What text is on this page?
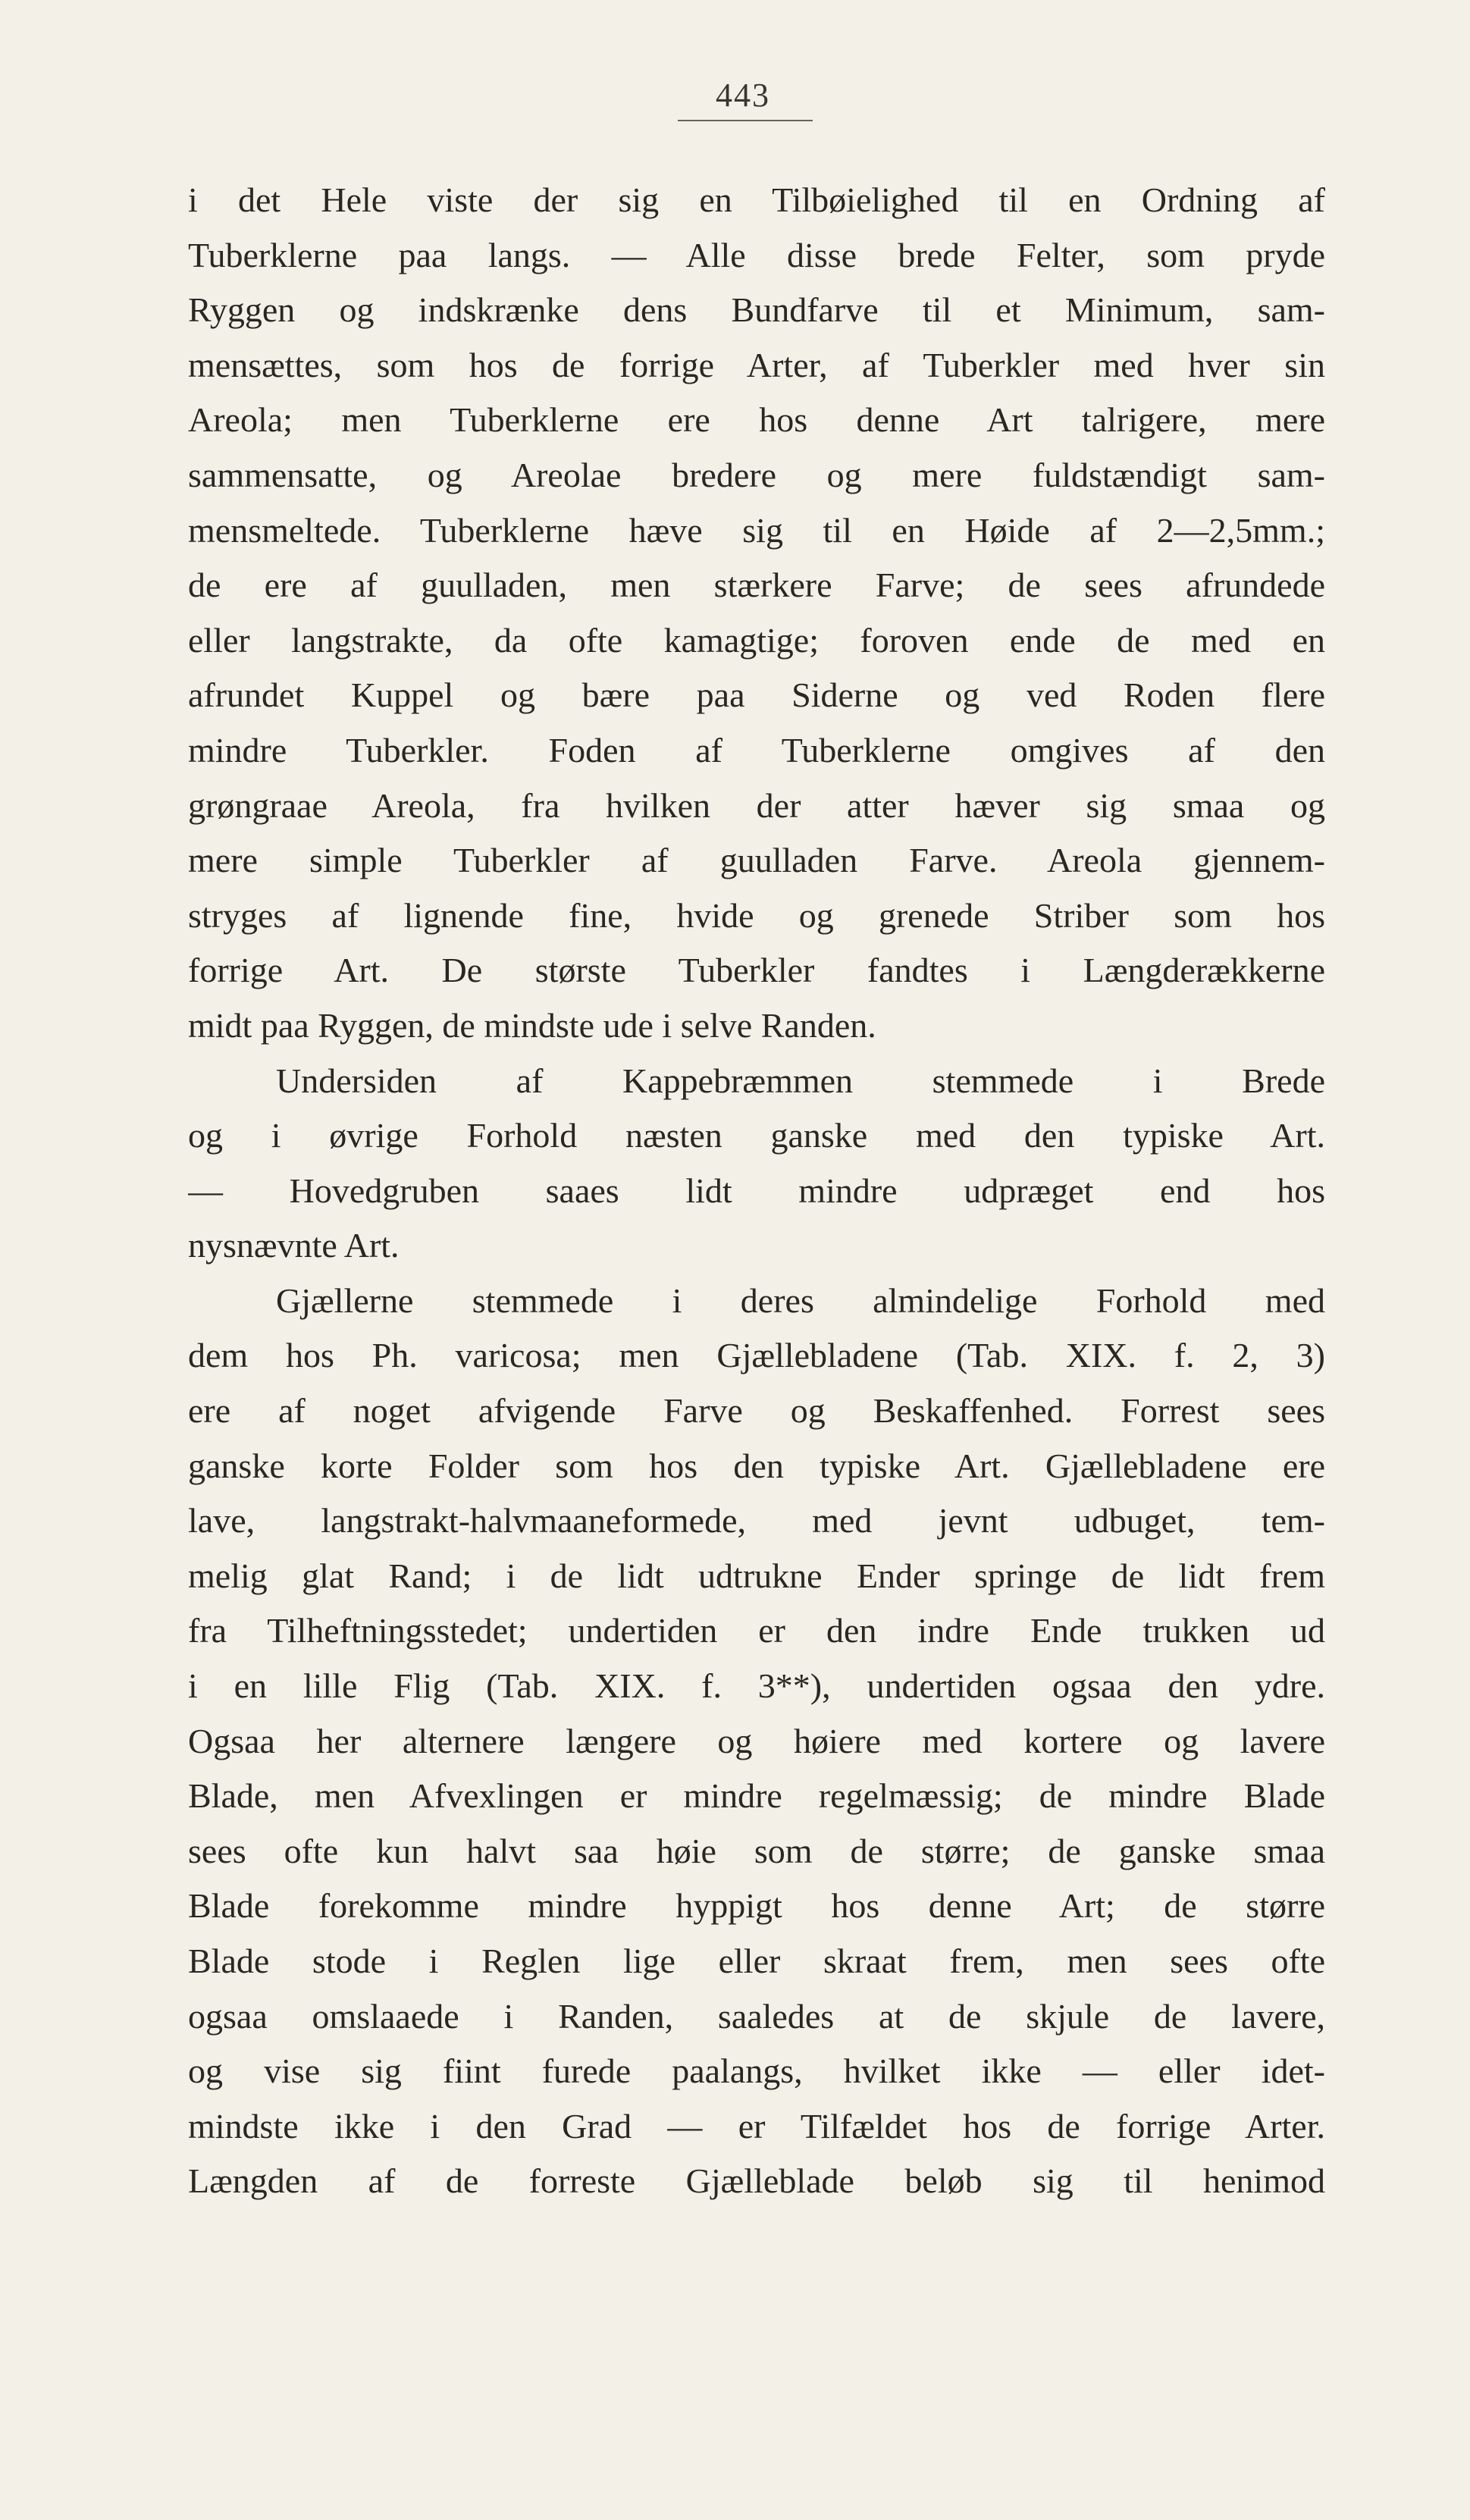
443
i det Hele viste der sig en Tilbøielighed til en Ordning af
Tuberklerne paa langs. — Alle disse brede Felter, som pryde
Ryggen og indskrænke dens Bundfarve til et Minimum, sam-
mensættes, som hos de forrige Arter, af Tuberkler med hver sin
Areola; men Tuberklerne ere hos denne Art talrigere, mere
sammensatte, og Areolae bredere og mere fuldstændigt sam-
mensmeltede. Tuberklerne hæve sig til en Høide af 2—2,5mm.;
de ere af guulladen, men stærkere Farve; de sees afrundede
eller langstrakte, da ofte kamagtige; foroven ende de med en
afrundet Kuppel og bære paa Siderne og ved Roden flere
mindre Tuberkler. Foden af Tuberklerne omgives af den
grøngraae Areola, fra hvilken der atter hæver sig smaa og
mere simple Tuberkler af guulladen Farve. Areola gjennem-
stryges af lignende fine, hvide og grenede Striber som hos
forrige Art. De største Tuberkler fandtes i Længderækkerne
midt paa Ryggen, de mindste ude i selve Randen.
Undersiden af Kappebræmmen stemmede i Brede
og i øvrige Forhold næsten ganske med den typiske Art.
— Hovedgruben saaes lidt mindre udpræget end hos
nysnævnte Art.
Gjællerne stemmede i deres almindelige Forhold med
dem hos Ph. varicosa; men Gjællebladene (Tab. XIX. f. 2, 3)
ere af noget afvigende Farve og Beskaffenhed. Forrest sees
ganske korte Folder som hos den typiske Art. Gjællebladene ere
lave, langstrakt-halvmaaneformede, med jevnt udbuget, tem-
melig glat Rand; i de lidt udtrukne Ender springe de lidt frem
fra Tilheftningsstedet; undertiden er den indre Ende trukken ud
i en lille Flig (Tab. XIX. f. 3**), undertiden ogsaa den ydre.
Ogsaa her alternere længere og høiere med kortere og lavere
Blade, men Afvexlingen er mindre regelmæssig; de mindre Blade
sees ofte kun halvt saa høie som de større; de ganske smaa
Blade forekomme mindre hyppigt hos denne Art; de større
Blade stode i Reglen lige eller skraat frem, men sees ofte
ogsaa omslaaede i Randen, saaledes at de skjule de lavere,
og vise sig fiint furede paalangs, hvilket ikke — eller idet-
mindste ikke i den Grad — er Tilfældet hos de forrige Arter.
Længden af de forreste Gjælleblade beløb sig til henimod
